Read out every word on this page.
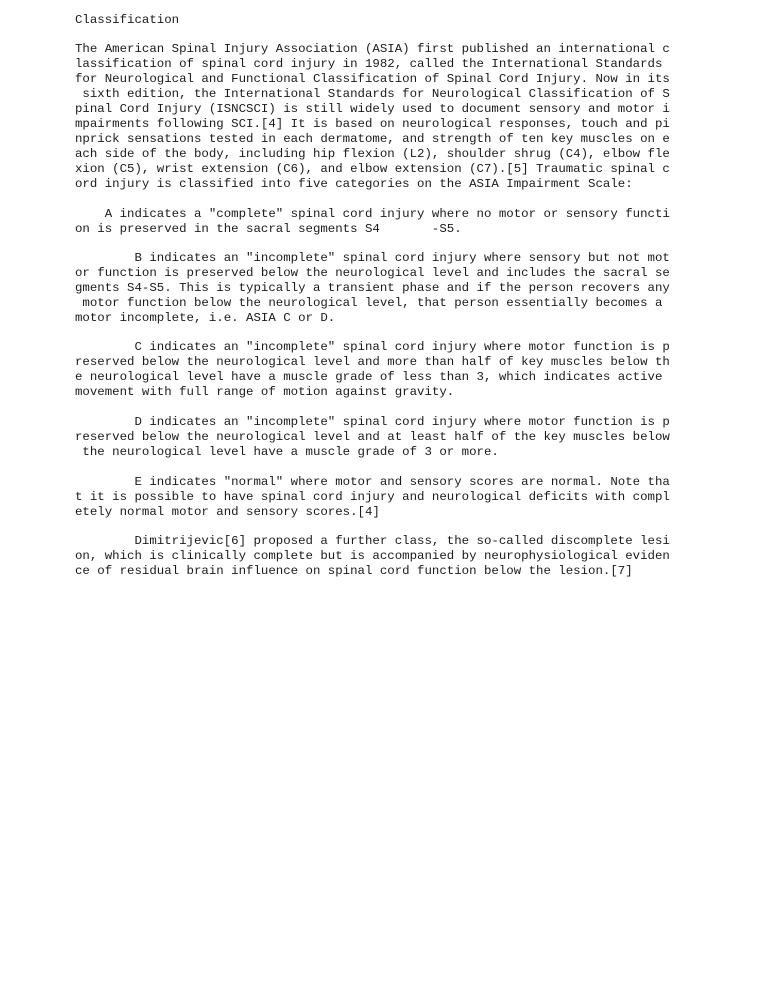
Classification
The American Spinal Injury Association (ASIA) first published an international c
lassification of spinal cord injury in 1982, called the International Standards
for Neurological and Functional Classification of Spinal Cord Injury. Now in its
sixth edition, the International Standards for Neurological Classification of S
pinal Cord Injury (ISNCSCI) is still widely used to document sensory and motor i
mpairments following SCI.[4] It is based on neurological responses, touch and pi
nprick sensations tested in each dermatome, and strength of ten key muscles on e
ach side of the body, including hip flexion (L2), shoulder shrug (C4), elbow fle
xion (C5), wrist extension (C6), and elbow extension (C7).[5] Traumatic spinal c
ord injury is classified into five categories on the ASIA Impairment Scale:
A indicates a "complete" spinal cord injury where no motor or sensory functi
on is preserved in the sacral segments S4       -S5.
B indicates an "incomplete" spinal cord injury where sensory but not mot
or function is preserved below the neurological level and includes the sacral se
gments S4-S5. This is typically a transient phase and if the person recovers any
motor function below the neurological level, that person essentially becomes a
motor incomplete, i.e. ASIA C or D.
C indicates an "incomplete" spinal cord injury where motor function is p
reserved below the neurological level and more than half of key muscles below th
e neurological level have a muscle grade of less than 3, which indicates active
movement with full range of motion against gravity.
D indicates an "incomplete" spinal cord injury where motor function is p
reserved below the neurological level and at least half of the key muscles below
the neurological level have a muscle grade of 3 or more.
E indicates "normal" where motor and sensory scores are normal. Note tha
t it is possible to have spinal cord injury and neurological deficits with compl
etely normal motor and sensory scores.[4]
Dimitrijevic[6] proposed a further class, the so-called discomplete lesi
on, which is clinically complete but is accompanied by neurophysiological eviden
ce of residual brain influence on spinal cord function below the lesion.[7]
